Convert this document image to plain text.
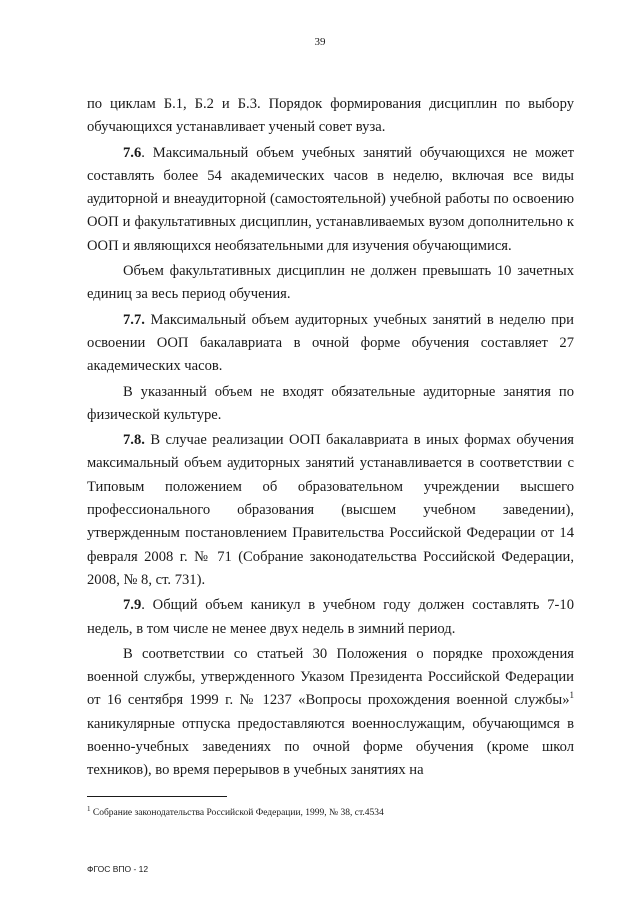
39

по циклам Б.1, Б.2 и Б.3. Порядок формирования дисциплин по выбору обучающихся устанавливает ученый совет вуза.

7.6. Максимальный объем учебных занятий обучающихся не может составлять более 54 академических часов в неделю, включая все виды аудиторной и внеаудиторной (самостоятельной) учебной работы по освоению ООП и факультативных дисциплин, устанавливаемых вузом дополнительно к ООП и являющихся необязательными для изучения обучающимися.

Объем факультативных дисциплин не должен превышать 10 зачетных единиц за весь период обучения.

7.7. Максимальный объем аудиторных учебных занятий в неделю при освоении ООП бакалавриата в очной форме обучения составляет 27 академических часов.

В указанный объем не входят обязательные аудиторные занятия по физической культуре.

7.8. В случае реализации ООП бакалавриата в иных формах обучения максимальный объем аудиторных занятий устанавливается в соответствии с Типовым положением об образовательном учреждении высшего профессионального образования (высшем учебном заведении), утвержденным постановлением Правительства Российской Федерации от 14 февраля 2008 г. № 71 (Собрание законодательства Российской Федерации, 2008, № 8, ст. 731).

7.9. Общий объем каникул в учебном году должен составлять 7-10 недель, в том числе не менее двух недель в зимний период.

В соответствии со статьей 30 Положения о порядке прохождения военной службы, утвержденного Указом Президента Российской Федерации от 16 сентября 1999 г. № 1237 «Вопросы прохождения военной службы»$^1$ каникулярные отпуска предоставляются военнослужащим, обучающимся в военно-учебных заведениях по очной форме обучения (кроме школ техников), во время перерывов в учебных занятиях на

$^1$ Собрание законодательства Российской Федерации, 1999, № 38, ст.4534
ФГОС ВПО - 12
